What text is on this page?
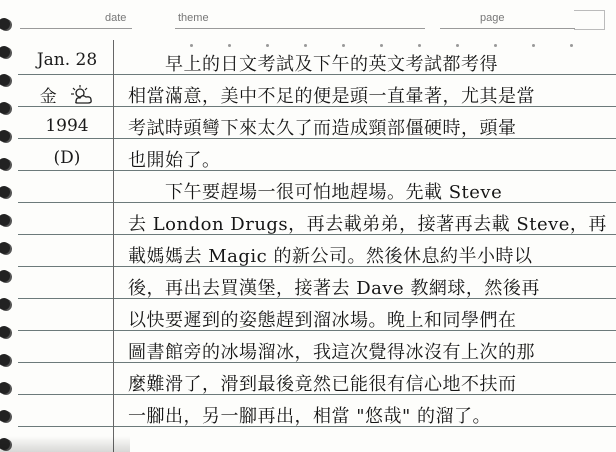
date	theme	page
Jan. 28
金
1994
(D)
　　早上的日文考試及下午的英文考試都考得
相當滿意，美中不足的便是頭一直暈著，尤其是當
考試時頭彎下來太久了而造成頸部僵硬時，頭暈
也開始了。
　　下午要趕場一很可怕地趕場。先載 Steve
去 London Drugs，再去載弟弟，接著再去載 Steve，再
載媽媽去 Magic 的新公司。然後休息約半小時以
後，再出去買漢堡，接著去 Dave 教網球，然後再
以快要遲到的姿態趕到溜冰場。晚上和同學們在
圖書館旁的冰場溜冰，我這次覺得冰沒有上次的那
麼難滑了，滑到最後竟然已能很有信心地不扶而
一腳出，另一腳再出，相當 "悠哉" 的溜了。
